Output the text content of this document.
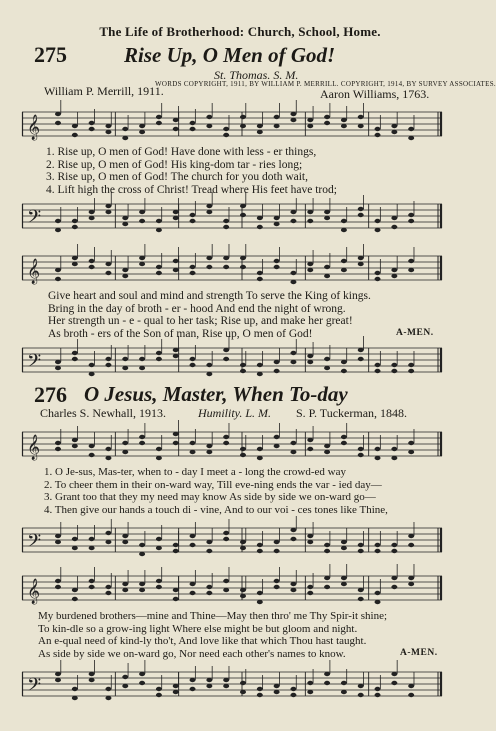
The Life of Brotherhood: Church, School, Home.
275	Rise Up, O Men of God!
St. Thomas. S. M.
WORDS COPYRIGHT, 1911, BY WILLIAM P. MERRILL. COPYRIGHT, 1914, BY SURVEY ASSOCIATES.
William P. Merrill, 1911.	Aaron Williams, 1763.
𝄞
1. Rise up, O men of God! Have done with less - er things,
2. Rise up, O men of God! His king-dom tar - ries long;
3. Rise up, O men of God! The church for you doth wait,
4. Lift high the cross of Christ! Tread where His feet have trod;
𝄢
𝄞
Give heart and soul and mind and strength To serve the King of kings.
Bring in the day of broth - er - hood And end the night of wrong.
Her strength un - e - qual to her task; Rise up, and make her great!
As broth - ers of the Son of man, Rise up, O men of God!	A-MEN.
𝄢
276 O Jesus, Master, When To-day
Charles S. Newhall, 1913.	Humility. L. M. S. P. Tuckerman, 1848.
𝄞
1. O Je-sus, Mas-ter, when to - day I meet a - long the crowd-ed way
2. To cheer them in their on-ward way, Till eve-ning ends the var - ied day—
3. Grant too that they my need may know As side by side we on-ward go—
4. Then give our hands a touch di - vine, And to our voi - ces tones like Thine,
𝄢
𝄞
My burdened brothers—mine and Thine—May then thro' me Thy Spir-it shine;
To kin-dle so a grow-ing light Where else might be but gloom and night.
An e-qual need of kind-ly tho't, And love like that which Thou hast taught.
As side by side we on-ward go, Nor need each other's names to know.	A-MEN.
𝄢
